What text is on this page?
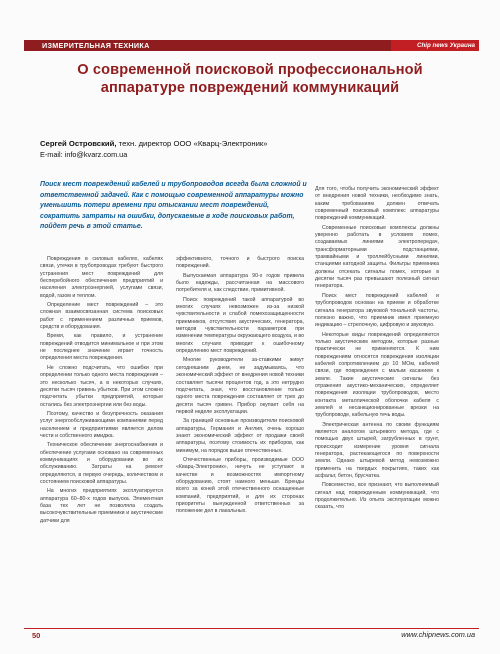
ИЗМЕРИТЕЛЬНАЯ ТЕХНИКА	Chip news Украина
О современной поисковой профессиональной аппаратуре повреждений коммуникаций
Сергей Островский, техн. директор ООО «Кварц-Электроник»
E-mail: info@kvarz.com.ua
Поиск мест повреждений кабелей и трубопроводов всегда была сложной и ответственной задачей. Как с помощью современной аппаратуры можно уменьшить потери времени при отыскании мест повреждений, сократить затраты на ошибки, допускаемые в ходе поисковых работ, пойдет речь в этой статье.

Повреждения в силовых кабелях, кабелях связи, утечки в трубопроводах требуют быстрого устранения мест повреждений для бесперебойного обеспечения предприятий и населения электроэнергией, услугами связи, водой, газом и теплом.

Определение мест повреждений – это сложная взаимосвязанная система поисковых работ с применением различных приемов, средств и оборудования.

Время, как правило, и устранение повреждений отводится минимальное и при этом не последнее значение играет точность определения места повреждения.

Не сложно подсчитать, что ошибки при определении только одного места повреждения – это несколько тысяч, а в некоторых случаях, десятки тысяч гривень убытков. При этом сложно подсчитать убытки предприятий, которые остались без электроэнергии или без воды.

Поэтому, качество и безупречность оказания услуг энергообслуживающими компаниями перед населением и предприятиями является делом чести и собственного имиджа.

Техническое обеспечение энергоснабжения и обеспечение услугами основано на современных коммуникациях и оборудовании во их обслуживанию. Затраты на ремонт определяются, в первую очередь, количеством и состоянием поисковой аппаратуры.

На многих предприятиях эксплуатируется аппаратура 60–80-х годов выпуска. Элементная база тех лет не позволяла создать высокочувствительные приемники и акустические датчики для

эффективного, точного и быстрого поиска повреждений.

Выпускаемая аппаратура 90-х годов привела было надежды, рассчитанная на массового потребителя и, как следствие, примитивной.

Поиск повреждений такой аппаратурой во многих случаях невозможен из-за низкой чувствительности и слабой помехозащищенности приемников, отсутствия акустических, генератора, методов чувствительности параметров при изменении температуры окружающего воздуха, и во многих случаях приводит к ошибочному определению мест повреждений.

Многие руководители за-ставкими живут сегодняшним днем, не задумываясь, что экономический эффект от внедрения новой техники составляет тысячи процентов год, а это нетрудно подсчитать, зная, что восстановление только одного места повреждения составляет от трех до десяти тысяч гривен. Прибор окупает себя на первой неделе эксплуатации.

За границей основные производители поисковой аппаратуры, Германия и Англия, очень хорошо знают экономический эффект от продажи своей аппаратуры, поэтому стоимость их приборов, как минимум, на порядок выше отечественных.

Отечественные приборы, производимые ООО «Кварц-Электроник», ничуть не уступают в качестве и возможностях импортному оборудованию, стоят намного меньше. Бренды всего за коней этой отечественного оснащенные компаний, предприятий, и для их сторонах приоритеты вынужденной ответственных за положение дел в лакальных.

Для того, чтобы получить экономический эффект от внедрения новой техники, необходимо знать, каким требованиям должен отвечать современный поисковый комплекс аппаратуры повреждений коммуникаций.

Современные поисковые комплексы должны уверенно работать в условиях помех, создаваемых линиями электропередач, трансформаторными подстанциями, трамвайными и троллейбусными линиями, станциями катодной защиты. Фильтры приемника должны отсекать сигналы помех, которые в десятки тысяч раз превышают полезный сигнал генератора.

Поиск мест повреждений кабелей и трубопроводов основан на приеме и обработке сигнала генератора звуковой тональной частоты, полезно важно, что приемник имел приемную индикацию – стрелочную, цифровую и звуковую.

Некоторые виды повреждений определяются только акустическим методом, которые разные практически не применяются. К ним повреждениям относятся повреждения изоляции кабелей сопротивлением до 10 МОм, кабелей связи, где повреждения с малым касанием к земле. Такие акустические сигналы без отражения акустико-механических, определяет повреждения изоляции трубопроводов, место контакта металлической оболочки кабеля с землей и несанкционированные врезки на трубопроводе, кабельную течь воды.

Электрическая антенна по своим функциям является аналогом штыревого метода, где с помощью двух штырей, загрубленных в грунт, происходит измерение уровня сигнала генератора, растекающегося по поверхности земли. Однако штыревой метод невозможно применить на твердых покрытиях, таких как асфальт, бетон, брусчатка.

Повсеместно, все признают, что выполняемый сигнал над поврежденным коммуникаций, что продолжительно. Из опыта эксплуатации можно сказать, что

50	www.chipnews.com.ua
